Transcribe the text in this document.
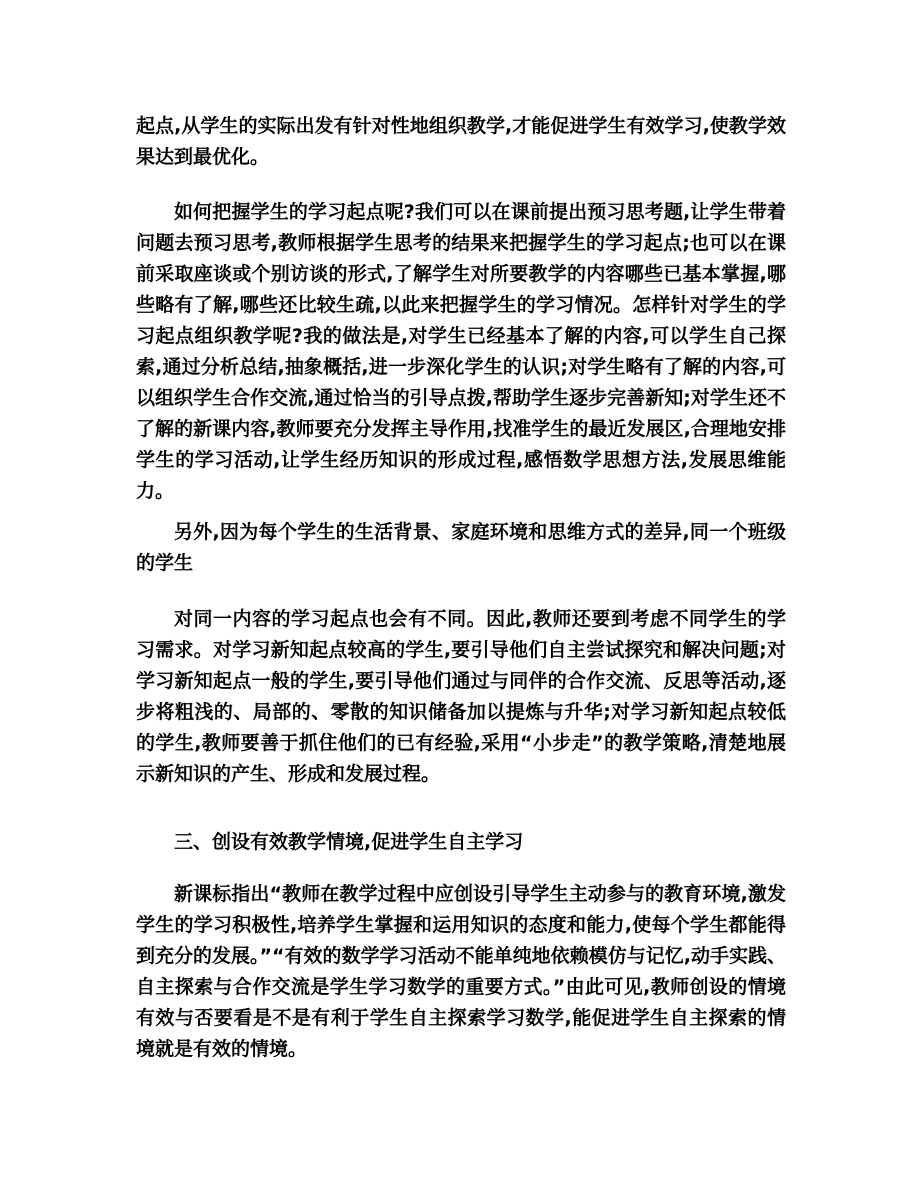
起点,从学生的实际出发有针对性地组织教学,才能促进学生有效学习,使教学效果达到最优化。

如何把握学生的学习起点呢?我们可以在课前提出预习思考题,让学生带着问题去预习思考,教师根据学生思考的结果来把握学生的学习起点;也可以在课前采取座谈或个别访谈的形式,了解学生对所要教学的内容哪些已基本掌握,哪些略有了解,哪些还比较生疏,以此来把握学生的学习情况。怎样针对学生的学习起点组织教学呢?我的做法是,对学生已经基本了解的内容,可以学生自己探索,通过分析总结,抽象概括,进一步深化学生的认识;对学生略有了解的内容,可以组织学生合作交流,通过恰当的引导点拨,帮助学生逐步完善新知;对学生还不了解的新课内容,教师要充分发挥主导作用,找准学生的最近发展区,合理地安排学生的学习活动,让学生经历知识的形成过程,感悟数学思想方法,发展思维能力。

另外,因为每个学生的生活背景、家庭环境和思维方式的差异,同一个班级的学生

对同一内容的学习起点也会有不同。因此,教师还要到考虑不同学生的学习需求。对学习新知起点较高的学生,要引导他们自主尝试探究和解决问题;对学习新知起点一般的学生,要引导他们通过与同伴的合作交流、反思等活动,逐步将粗浅的、局部的、零散的知识储备加以提炼与升华;对学习新知起点较低的学生,教师要善于抓住他们的已有经验,采用“小步走”的教学策略,清楚地展示新知识的产生、形成和发展过程。

三、创设有效教学情境,促进学生自主学习

新课标指出“教师在教学过程中应创设引导学生主动参与的教育环境,激发学生的学习积极性,培养学生掌握和运用知识的态度和能力,使每个学生都能得到充分的发展。”“有效的数学学习活动不能单纯地依赖模仿与记忆,动手实践、自主探索与合作交流是学生学习数学的重要方式。”由此可见,教师创设的情境有效与否要看是不是有利于学生自主探索学习数学,能促进学生自主探索的情境就是有效的情境。
